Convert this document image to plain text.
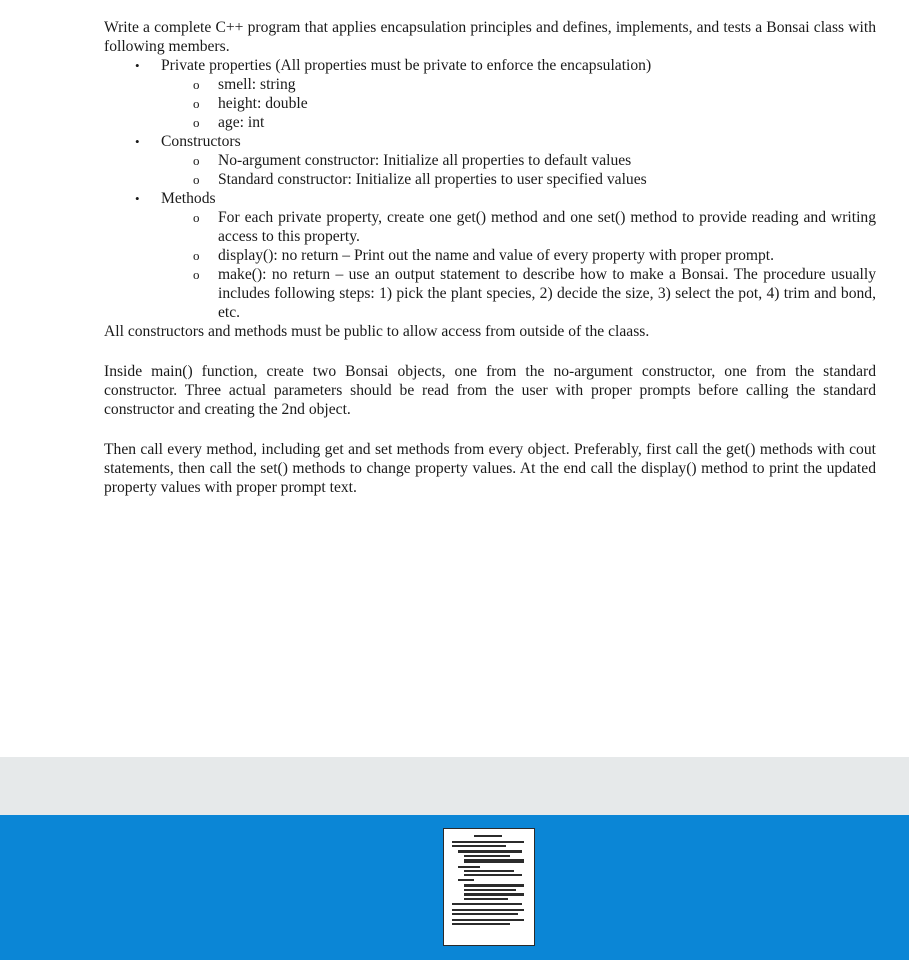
Write a complete C++ program that applies encapsulation principles and defines, implements, and tests a Bonsai class with following members.

• Private properties (All properties must be private to enforce the encapsulation)
o smell: string
o height: double
o age: int
• Constructors
o No-argument constructor: Initialize all properties to default values
o Standard constructor: Initialize all properties to user specified values
• Methods
o For each private property, create one get() method and one set() method to provide reading and writing access to this property.
o display(): no return – Print out the name and value of every property with proper prompt.
o make(): no return – use an output statement to describe how to make a Bonsai. The procedure usually includes following steps: 1) pick the plant species, 2) decide the size, 3) select the pot, 4) trim and bond, etc.

All constructors and methods must be public to allow access from outside of the claass.

Inside main() function, create two Bonsai objects, one from the no-argument constructor, one from the standard constructor. Three actual parameters should be read from the user with proper prompts before calling the standard constructor and creating the 2nd object.

Then call every method, including get and set methods from every object. Preferably, first call the get() methods with cout statements, then call the set() methods to change property values. At the end call the display() method to print the updated property values with proper prompt text.
